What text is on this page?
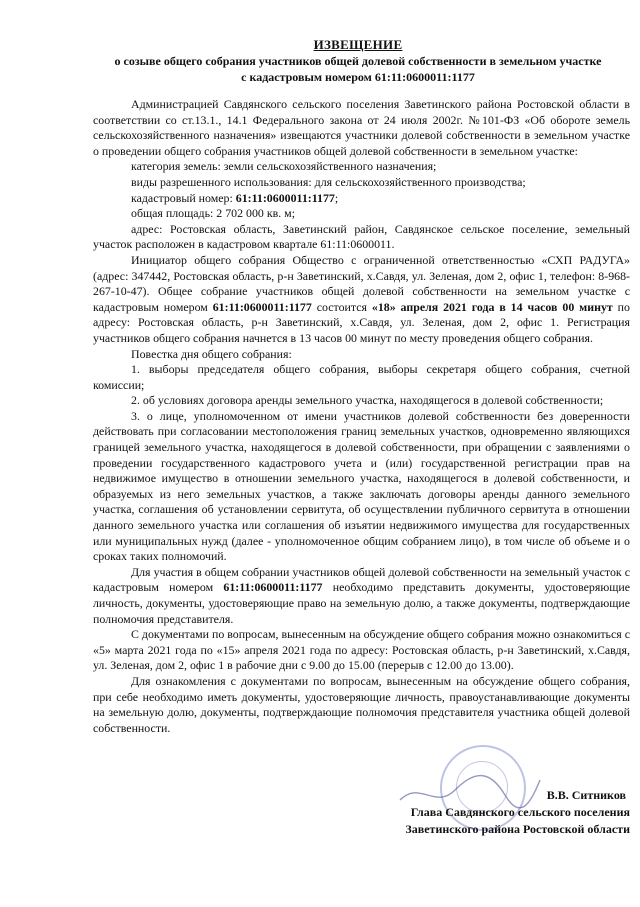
ИЗВЕЩЕНИЕ
о созыве общего собрания участников общей долевой собственности в земельном участке
с кадастровым номером 61:11:0600011:1177

Администрацией Савдянского сельского поселения Заветинского района Ростовской области в соответствии со ст.13.1., 14.1 Федерального закона от 24 июля 2002г. №101-ФЗ «Об обороте земель сельскохозяйственного назначения» извещаются участники долевой собственности в земельном участке о проведении общего собрания участников общей долевой собственности в земельном участке:

категория земель: земли сельскохозяйственного назначения;

виды разрешенного использования: для сельскохозяйственного производства;

кадастровый номер: 61:11:0600011:1177;

общая площадь: 2 702 000 кв. м;

адрес: Ростовская область, Заветинский район, Савдянское сельское поселение, земельный участок расположен в кадастровом квартале 61:11:0600011.

Инициатор общего собрания Общество с ограниченной ответственностью «СХП РАДУГА» (адрес: 347442, Ростовская область, р-н Заветинский, х.Савдя, ул. Зеленая, дом 2, офис 1, телефон: 8-968-267-10-47). Общее собрание участников общей долевой собственности на земельном участке с кадастровым номером 61:11:0600011:1177 состоится «18» апреля 2021 года в 14 часов 00 минут по адресу: Ростовская область, р-н Заветинский, х.Савдя, ул. Зеленая, дом 2, офис 1. Регистрация участников общего собрания начнется в 13 часов 00 минут по месту проведения общего собрания.

Повестка дня общего собрания:

1. выборы председателя общего собрания, выборы секретаря общего собрания, счетной комиссии;

2. об условиях договора аренды земельного участка, находящегося в долевой собственности;

3. о лице, уполномоченном от имени участников долевой собственности без доверенности действовать при согласовании местоположения границ земельных участков, одновременно являющихся границей земельного участка, находящегося в долевой собственности, при обращении с заявлениями о проведении государственного кадастрового учета и (или) государственной регистрации прав на недвижимое имущество в отношении земельного участка, находящегося в долевой собственности, и образуемых из него земельных участков, а также заключать договоры аренды данного земельного участка, соглашения об установлении сервитута, об осуществлении публичного сервитута в отношении данного земельного участка или соглашения об изъятии недвижимого имущества для государственных или муниципальных нужд (далее - уполномоченное общим собранием лицо), в том числе об объеме и о сроках таких полномочий.

Для участия в общем собрании участников общей долевой собственности на земельный участок с кадастровым номером 61:11:0600011:1177 необходимо представить документы, удостоверяющие личность, документы, удостоверяющие право на земельную долю, а также документы, подтверждающие полномочия представителя.

С документами по вопросам, вынесенным на обсуждение общего собрания можно ознакомиться с «5» марта 2021 года по «15» апреля 2021 года по адресу: Ростовская область, р-н Заветинский, х.Савдя, ул. Зеленая, дом 2, офис 1 в рабочие дни с 9.00 до 15.00 (перерыв с 12.00 до 13.00).

Для ознакомления с документами по вопросам, вынесенным на обсуждение общего собрания, при себе необходимо иметь документы, удостоверяющие личность, правоустанавливающие документы на земельную долю, документы, подтверждающие полномочия представителя участника общей долевой собственности.

В.В. Ситников
Глава Савдянского сельского поселения
Заветинского района Ростовской области
